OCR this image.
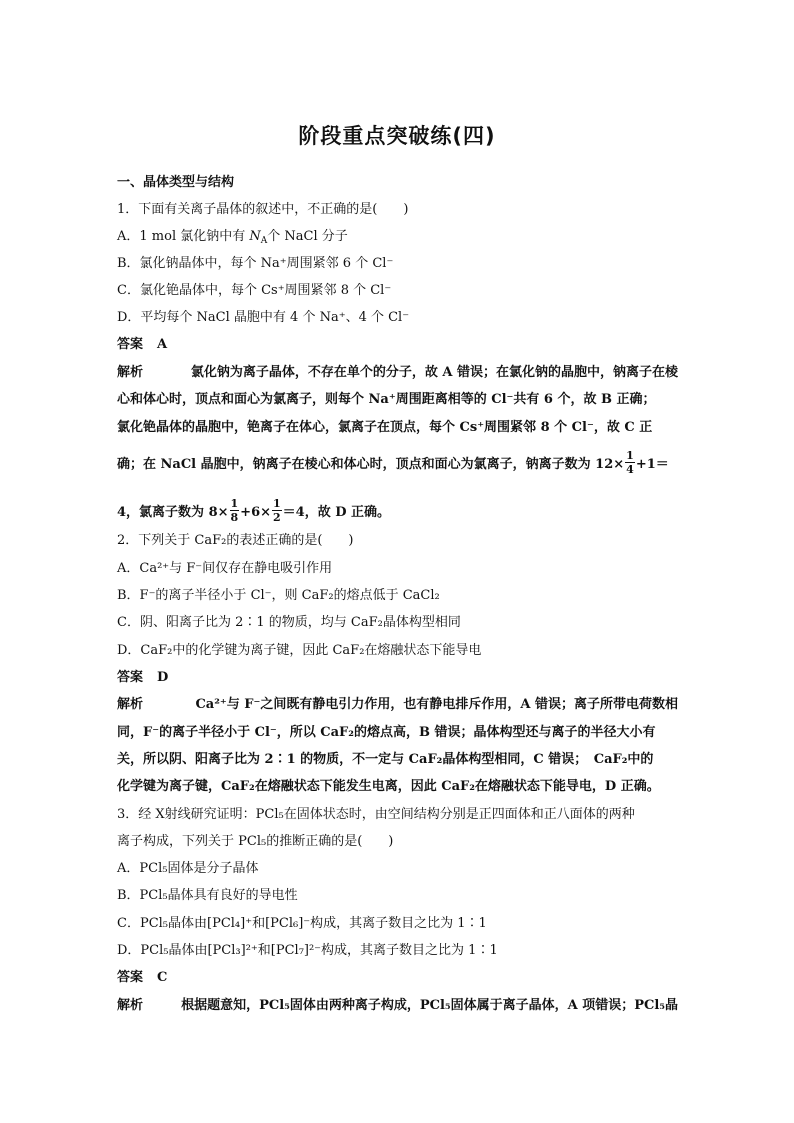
阶段重点突破练(四)
一、晶体类型与结构
1．下面有关离子晶体的叙述中，不正确的是(　　)
A．1 mol 氯化钠中有 $N_A$个 NaCl 分子
B．氯化钠晶体中，每个 Na⁺周围紧邻 6 个 Cl⁻
C．氯化铯晶体中，每个 Cs⁺周围紧邻 8 个 Cl⁻
D．平均每个 NaCl 晶胞中有 4 个 Na⁺、4 个 Cl⁻
答案 A
解析	氯化钠为离子晶体，不存在单个的分子，故 A 错误；在氯化钠的晶胞中，钠离子在棱
心和体心时，顶点和面心为氯离子，则每个 Na⁺周围距离相等的 Cl⁻共有 6 个，故 B 正确；
氯化铯晶体的晶胞中，铯离子在体心，氯离子在顶点，每个 Cs⁺周围紧邻 8 个 Cl⁻，故 C 正
确；在 NaCl 晶胞中，钠离子在棱心和体心时，顶点和面心为氯离子，钠离子数为 $12\times \frac{1}{4} +1=$
4，氯离子数为 $8\times \frac{1}{8} +6\times \frac{1}{2} =4$，故 D 正确。
2．下列关于 CaF₂的表述正确的是(　　)
A．Ca²⁺与 F⁻间仅存在静电吸引作用
B．F⁻的离子半径小于 Cl⁻，则 CaF₂的熔点低于 CaCl₂
C．阴、阳离子比为 2∶1 的物质，均与 CaF₂晶体构型相同
D．CaF₂中的化学键为离子键，因此 CaF₂在熔融状态下能导电
答案 D
解析	Ca²⁺与 F⁻之间既有静电引力作用，也有静电排斥作用，A 错误；离子所带电荷数相
同，F⁻的离子半径小于 Cl⁻，所以 CaF₂的熔点高，B 错误；晶体构型还与离子的半径大小有
关，所以阴、阳离子比为 2∶1 的物质，不一定与 CaF₂晶体构型相同，C 错误；　CaF₂中的
化学键为离子键，CaF₂在熔融状态下能发生电离，因此 CaF₂在熔融状态下能导电，D 正确。
3．经 X射线研究证明：PCl₅在固体状态时，由空间结构分别是正四面体和正八面体的两种
离子构成，下列关于 PCl₅的推断正确的是(　　)
A．PCl₅固体是分子晶体
B．PCl₅晶体具有良好的导电性
C．PCl₅晶体由[PCl₄]⁺和[PCl₆]⁻构成，其离子数目之比为 1∶1
D．PCl₅晶体由[PCl₃]²⁺和[PCl₇]²⁻构成，其离子数目之比为 1∶1
答案 C
解析	根据题意知，PCl₅固体由两种离子构成，PCl₅固体属于离子晶体，A 项错误；PCl₅晶
